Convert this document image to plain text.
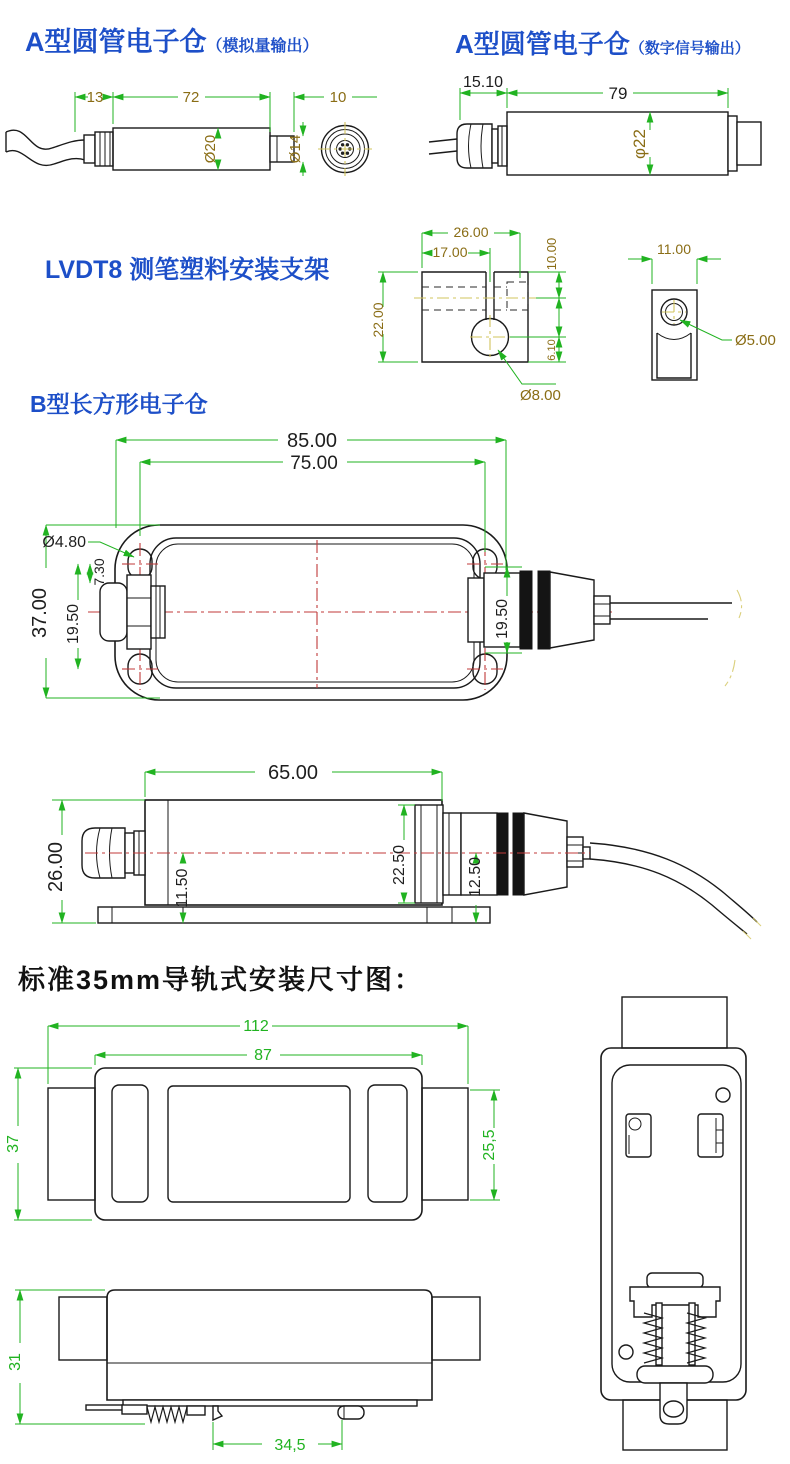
A型圆管电子仓（模拟量输出）	A型圆管电子仓（数字信号输出）
LVDT8 测笔塑料安装支架
B型长方形电子仓
标准35mm导轨式安装尺寸图：
13	72	10
Ø20	Ø14
15.10
79
φ22
26.00
17.00	10.00
6.10
22.00
Ø8.00
11.00
Ø5.00
85.00
75.00
37.00
Ø4.80
7.30
19.50	19.50
65.00
26.00	11.50
22.50	12.50
112
87
37	25,5
31
34,5
